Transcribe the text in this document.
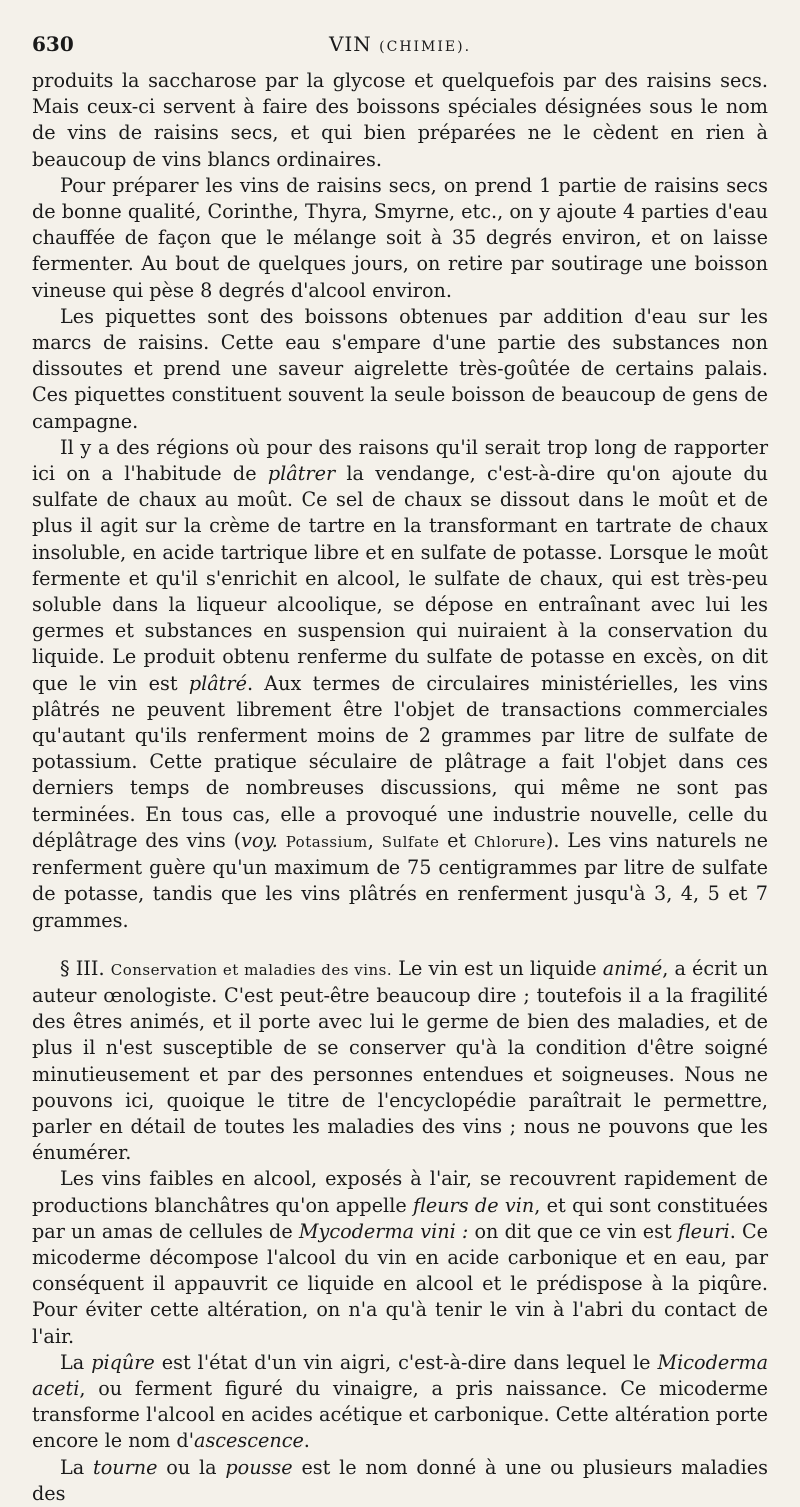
630	VIN (CHIMIE).

produits la saccharose par la glycose et quelquefois par des raisins secs. Mais ceux-ci servent à faire des boissons spéciales désignées sous le nom de vins de raisins secs, et qui bien préparées ne le cèdent en rien à beaucoup de vins blancs ordinaires.

Pour préparer les vins de raisins secs, on prend 1 partie de raisins secs de bonne qualité, Corinthe, Thyra, Smyrne, etc., on y ajoute 4 parties d'eau chauffée de façon que le mélange soit à 35 degrés environ, et on laisse fermenter. Au bout de quelques jours, on retire par soutirage une boisson vineuse qui pèse 8 degrés d'alcool environ.

Les piquettes sont des boissons obtenues par addition d'eau sur les marcs de raisins. Cette eau s'empare d'une partie des substances non dissoutes et prend une saveur aigrelette très-goûtée de certains palais. Ces piquettes constituent souvent la seule boisson de beaucoup de gens de campagne.

Il y a des régions où pour des raisons qu'il serait trop long de rapporter ici on a l'habitude de plâtrer la vendange, c'est-à-dire qu'on ajoute du sulfate de chaux au moût. Ce sel de chaux se dissout dans le moût et de plus il agit sur la crème de tartre en la transformant en tartrate de chaux insoluble, en acide tartrique libre et en sulfate de potasse. Lorsque le moût fermente et qu'il s'enrichit en alcool, le sulfate de chaux, qui est très-peu soluble dans la liqueur alcoolique, se dépose en entraînant avec lui les germes et substances en suspension qui nuiraient à la conservation du liquide. Le produit obtenu renferme du sulfate de potasse en excès, on dit que le vin est plâtré. Aux termes de circulaires ministérielles, les vins plâtrés ne peuvent librement être l'objet de transactions commerciales qu'autant qu'ils renferment moins de 2 grammes par litre de sulfate de potassium. Cette pratique séculaire de plâtrage a fait l'objet dans ces derniers temps de nombreuses discussions, qui même ne sont pas terminées. En tous cas, elle a provoqué une industrie nouvelle, celle du déplâtrage des vins (voy. Potassium, Sulfate et Chlorure). Les vins naturels ne renferment guère qu'un maximum de 75 centigrammes par litre de sulfate de potasse, tandis que les vins plâtrés en renferment jusqu'à 3, 4, 5 et 7 grammes.

§ III. Conservation et maladies des vins. Le vin est un liquide animé, a écrit un auteur œnologiste. C'est peut-être beaucoup dire ; toutefois il a la fragilité des êtres animés, et il porte avec lui le germe de bien des maladies, et de plus il n'est susceptible de se conserver qu'à la condition d'être soigné minutieusement et par des personnes entendues et soigneuses. Nous ne pouvons ici, quoique le titre de l'encyclopédie paraîtrait le permettre, parler en détail de toutes les maladies des vins ; nous ne pouvons que les énumérer.

Les vins faibles en alcool, exposés à l'air, se recouvrent rapidement de productions blanchâtres qu'on appelle fleurs de vin, et qui sont constituées par un amas de cellules de Mycoderma vini : on dit que ce vin est fleuri. Ce micoderme décompose l'alcool du vin en acide carbonique et en eau, par conséquent il appauvrit ce liquide en alcool et le prédispose à la piqûre. Pour éviter cette altération, on n'a qu'à tenir le vin à l'abri du contact de l'air.

La piqûre est l'état d'un vin aigri, c'est-à-dire dans lequel le Micoderma aceti, ou ferment figuré du vinaigre, a pris naissance. Ce micoderme transforme l'alcool en acides acétique et carbonique. Cette altération porte encore le nom d'ascescence.

La tourne ou la pousse est le nom donné à une ou plusieurs maladies des
